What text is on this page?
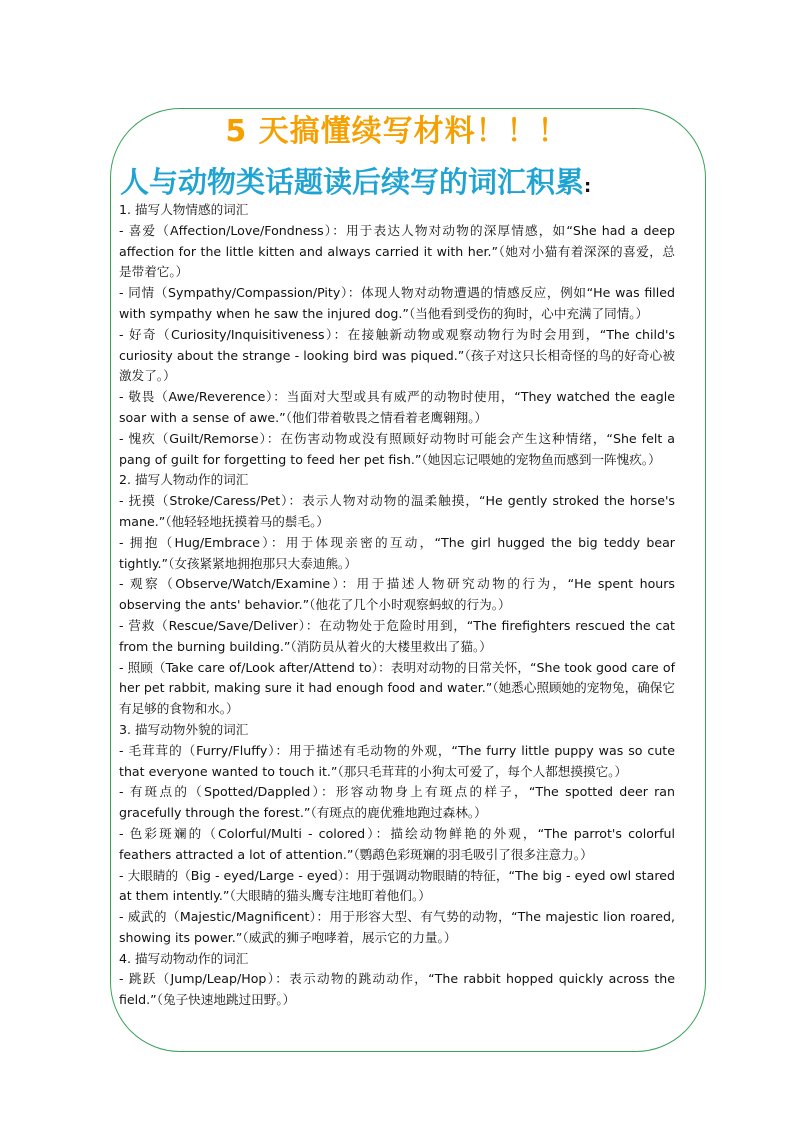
5 天搞懂续写材料！！！
人与动物类话题读后续写的词汇积累:
1. 描写人物情感的词汇

- 喜爱（Affection/Love/Fondness）：用于表达人物对动物的深厚情感，如“She had a deep affection for the little kitten and always carried it with her.”（她对小猫有着深深的喜爱，总是带着它。）

- 同情（Sympathy/Compassion/Pity）：体现人物对动物遭遇的情感反应，例如“He was filled with sympathy when he saw the injured dog.”（当他看到受伤的狗时，心中充满了同情。）

- 好奇（Curiosity/Inquisitiveness）：在接触新动物或观察动物行为时会用到，“The child's curiosity about the strange - looking bird was piqued.”（孩子对这只长相奇怪的鸟的好奇心被激发了。）

- 敬畏（Awe/Reverence）：当面对大型或具有威严的动物时使用，“They watched the eagle soar with a sense of awe.”（他们带着敬畏之情看着老鹰翱翔。）

- 愧疚（Guilt/Remorse）：在伤害动物或没有照顾好动物时可能会产生这种情绪，“She felt a pang of guilt for forgetting to feed her pet fish.”（她因忘记喂她的宠物鱼而感到一阵愧疚。）

2. 描写人物动作的词汇

- 抚摸（Stroke/Caress/Pet）：表示人物对动物的温柔触摸，“He gently stroked the horse's mane.”（他轻轻地抚摸着马的鬃毛。）

- 拥抱（Hug/Embrace）：用于体现亲密的互动，“The girl hugged the big teddy bear tightly.”（女孩紧紧地拥抱那只大泰迪熊。）

- 观察（Observe/Watch/Examine）：用于描述人物研究动物的行为，“He spent hours observing the ants' behavior.”（他花了几个小时观察蚂蚁的行为。）

- 营救（Rescue/Save/Deliver）：在动物处于危险时用到，“The firefighters rescued the cat from the burning building.”（消防员从着火的大楼里救出了猫。）

- 照顾（Take care of/Look after/Attend to）：表明对动物的日常关怀，“She took good care of her pet rabbit, making sure it had enough food and water.”（她悉心照顾她的宠物兔，确保它有足够的食物和水。）

3. 描写动物外貌的词汇

- 毛茸茸的（Furry/Fluffy）：用于描述有毛动物的外观，“The furry little puppy was so cute that everyone wanted to touch it.”（那只毛茸茸的小狗太可爱了，每个人都想摸摸它。）

- 有斑点的（Spotted/Dappled）：形容动物身上有斑点的样子，“The spotted deer ran gracefully through the forest.”（有斑点的鹿优雅地跑过森林。）

- 色彩斑斓的（Colorful/Multi - colored）：描绘动物鲜艳的外观，“The parrot's colorful feathers attracted a lot of attention.”（鹦鹉色彩斑斓的羽毛吸引了很多注意力。）

- 大眼睛的（Big - eyed/Large - eyed）：用于强调动物眼睛的特征，“The big - eyed owl stared at them intently.”（大眼睛的猫头鹰专注地盯着他们。）

- 威武的（Majestic/Magnificent）：用于形容大型、有气势的动物，“The majestic lion roared, showing its power.”（威武的狮子咆哮着，展示它的力量。）

4. 描写动物动作的词汇

- 跳跃（Jump/Leap/Hop）：表示动物的跳动动作，“The rabbit hopped quickly across the field.”（兔子快速地跳过田野。）
